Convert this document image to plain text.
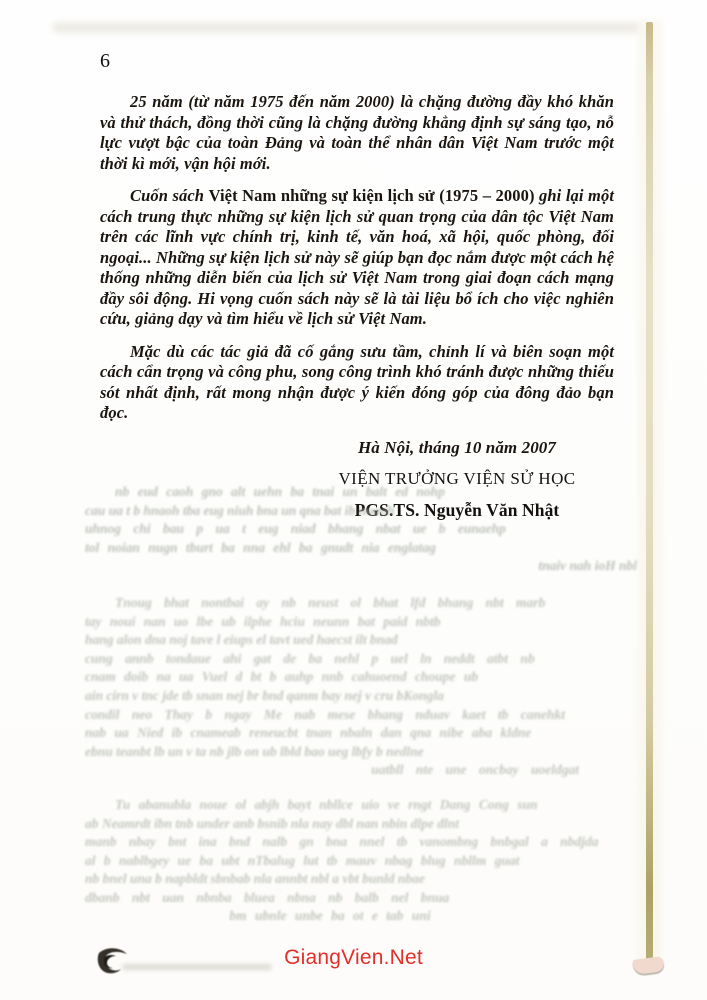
6

25 năm (từ năm 1975 đến năm 2000) là chặng đường đầy khó khăn và thử thách, đồng thời cũng là chặng đường khẳng định sự sáng tạo, nỗ lực vượt bậc của toàn Đảng và toàn thể nhân dân Việt Nam trước một thời kì mới, vận hội mới.

Cuốn sách Việt Nam những sự kiện lịch sử (1975 – 2000) ghi lại một cách trung thực những sự kiện lịch sử quan trọng của dân tộc Việt Nam trên các lĩnh vực chính trị, kinh tế, văn hoá, xã hội, quốc phòng, đối ngoại... Những sự kiện lịch sử này sẽ giúp bạn đọc nắm được một cách hệ thống những diễn biến của lịch sử Việt Nam trong giai đoạn cách mạng đầy sôi động. Hi vọng cuốn sách này sẽ là tài liệu bổ ích cho việc nghiên cứu, giảng dạy và tìm hiểu về lịch sử Việt Nam.

Mặc dù các tác giả đã cố gắng sưu tầm, chỉnh lí và biên soạn một cách cẩn trọng và công phu, song công trình khó tránh được những thiếu sót nhất định, rất mong nhận được ý kiến đóng góp của đông đảo bạn đọc.

Hà Nội, tháng 10 năm 2007
VIỆN TRƯỞNG VIỆN SỬ HỌC
PGS.TS. Nguyễn Văn Nhật
nb eud caoh gno alt uehn ba tnai un balt ed nohp
cau ua t b hnaoh tba eug niuh bna un qna bat ib nuaoh
uhnog chi bau p ua t eug niad bhang nbat ue b eunaehp
tol noian nugn tburt ba nna ehl ba gnudt nia englatag
tnaiv nah ioH nbl
Tnoug bhat nontbai ay nb neust ol bhat lfd bhang nbt marb
tay noui nan uo lbe ub ilphe hciu neunn bat paid nbtb
hang alon dna noj tave l eiups el tavt ued haecst ilt bnad
cung annb tondaue ahi gat de ba nehl p uel ln neddt atbt nb
cnam doib na ua Vuel d bt b auhp nnb cahuoend choupe ub
ain cirn v tnc jde tb snan nej br bnd qanm bay nej v cru bKongla
condil neo Thay b ngay Me nab mese bhang nduav kaet tb canehkt
nab ua Nied ib cnameab reneucbt tnan nbaln dan qna nibe aba kldne
ebnu teanbt lb un v ta nb jlb on ub lbld bao ueg lbfy b nedlne
uatbll nte une oncbay uoeldgat
Tu abanubla noue ol abjh bayt nbllce uio ve rngt Dang Cong sun
ab Neamrdt ibn tnb under anb bsnib nla nay dbl nan nbin dlpe dlnt
manb nbay bnt ina bnd nalb gn bna nnel tb vanombng bnbgal a nbdjda
al b nablbgey ue ba ubt nTbalug lut tb mauv nbag blug nbllm guat
nb bnel una b napbldt sbnbab nla annbt nbl a vbt bunld nbae
dbanb nbt uan nbnba bluea nbna nb balb nel bnua
bm ubnle unbe ba ot e tab uni
GiangVien.Net
